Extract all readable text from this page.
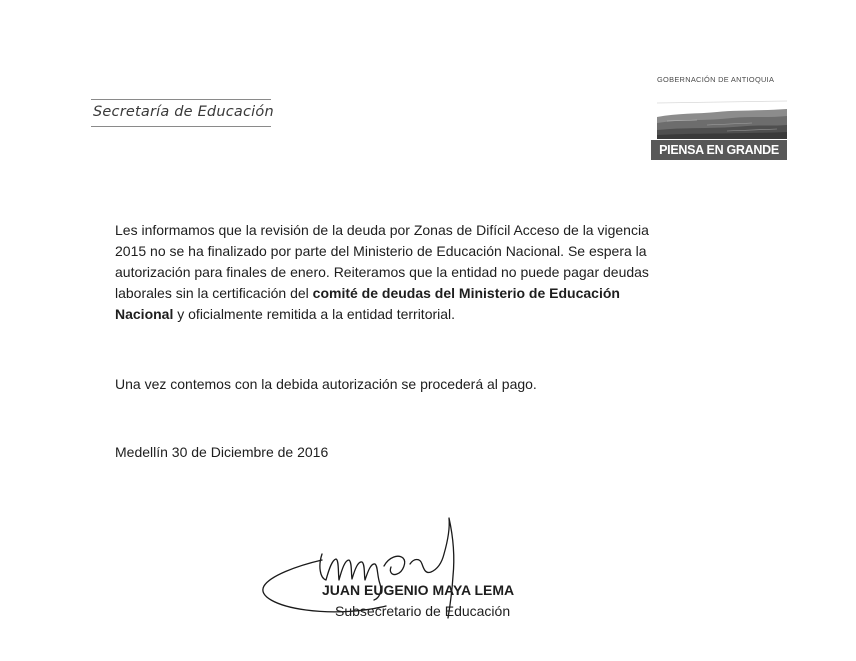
Secretaría de Educación
GOBERNACIÓN DE ANTIOQUIA
PIENSA EN GRANDE
Les informamos que la revisión de la deuda por Zonas de Difícil Acceso de la vigencia
2015 no se ha finalizado por parte del Ministerio de Educación Nacional. Se espera la
autorización para finales de enero. Reiteramos que la entidad no puede pagar deudas
laborales sin la certificación del comité de deudas del Ministerio de Educación
Nacional y oficialmente remitida a la entidad territorial.
Una vez contemos con la debida autorización se procederá al pago.
Medellín 30 de Diciembre de 2016
JUAN EUGENIO MAYA LEMA
Subsecretario de Educación
